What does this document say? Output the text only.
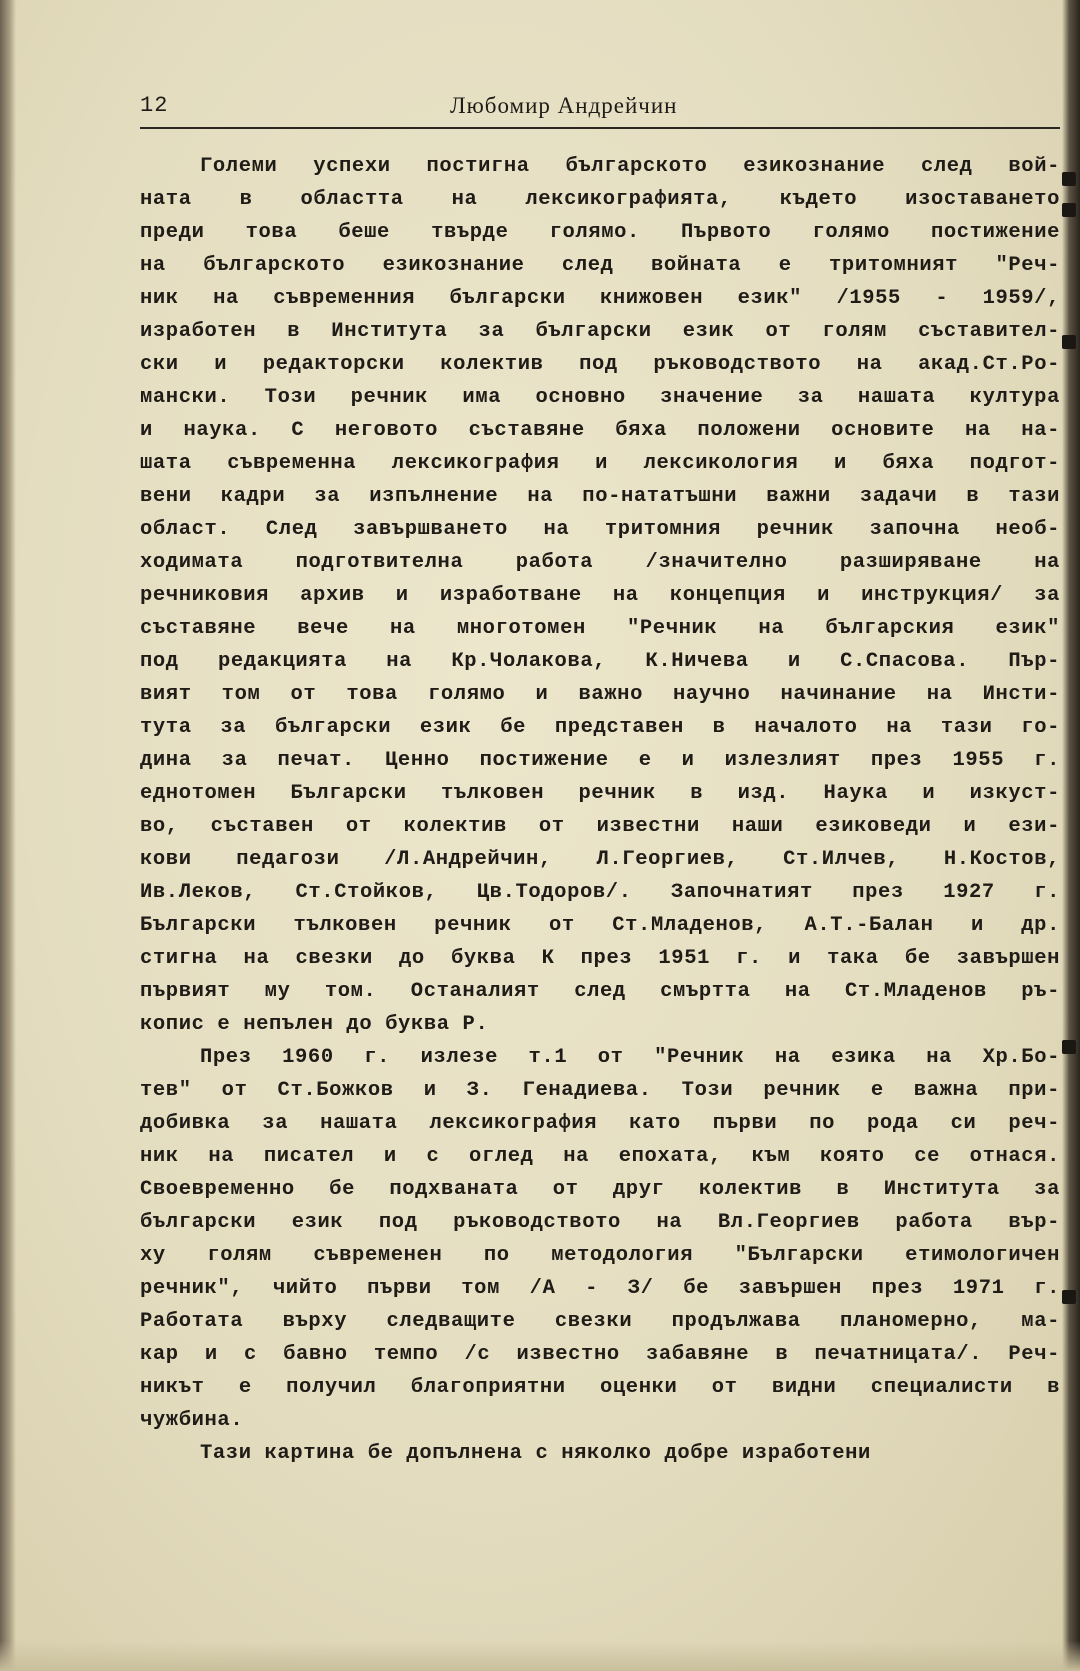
12	Любомир Андрейчин
Големи успехи постигна българското езикознание след вой-
ната в областта на лексикографията, където изоставането
преди това беше твърде голямо. Първото голямо постижение
на българското езикознание след войната е тритомният "Реч-
ник на съвременния български книжовен език" /1955 - 1959/,
изработен в Института за български език от голям съставител-
ски и редакторски колектив под ръководството на акад.Ст.Ро-
мански. Този речник има основно значение за нашата култура
и наука. С неговото съставяне бяха положени основите на на-
шата съвременна лексикография и лексикология и бяха подгот-
вени кадри за изпълнение на по-нататъшни важни задачи в тази
област. След завършването на тритомния речник започна необ-
ходимата подготвителна работа /значително разширяване на
речниковия архив и изработване на концепция и инструкция/ за
съставяне вече на многотомен "Речник на българския език"
под редакцията на Кр.Чолакова, К.Ничева и С.Спасова. Пър-
вият том от това голямо и важно научно начинание на Инсти-
тута за български език бе представен в началото на тази го-
дина за печат. Ценно постижение е и излезлият през 1955 г.
еднотомен Български тълковен речник в изд. Наука и изкуст-
во, съставен от колектив от известни наши езиковеди и ези-
кови педагози /Л.Андрейчин, Л.Георгиев, Ст.Илчев, Н.Костов,
Ив.Леков, Ст.Стойков, Цв.Тодоров/. Започнатият през 1927 г.
Български тълковен речник от Ст.Младенов, А.Т.-Балан и др.
стигна на свезки до буква К през 1951 г. и така бе завършен
първият му том. Останалият след смъртта на Ст.Младенов ръ-
копис е непълен до буква Р.
През 1960 г. излезе т.1 от "Речник на езика на Хр.Бо-
тев" от Ст.Божков и З. Генадиева. Този речник е важна при-
добивка за нашата лексикография като първи по рода си реч-
ник на писател и с оглед на епохата, към която се отнася.
Своевременно бе подхваната от друг колектив в Института за
български език под ръководството на Вл.Георгиев работа вър-
ху голям съвременен по методология "Български етимологичен
речник", чийто първи том /А - З/ бе завършен през 1971 г.
Работата върху следващите свезки продължава планомерно, ма-
кар и с бавно темпо /с известно забавяне в печатницата/. Реч-
никът е получил благоприятни оценки от видни специалисти в
чужбина.
Тази картина бе допълнена с няколко добре изработени
